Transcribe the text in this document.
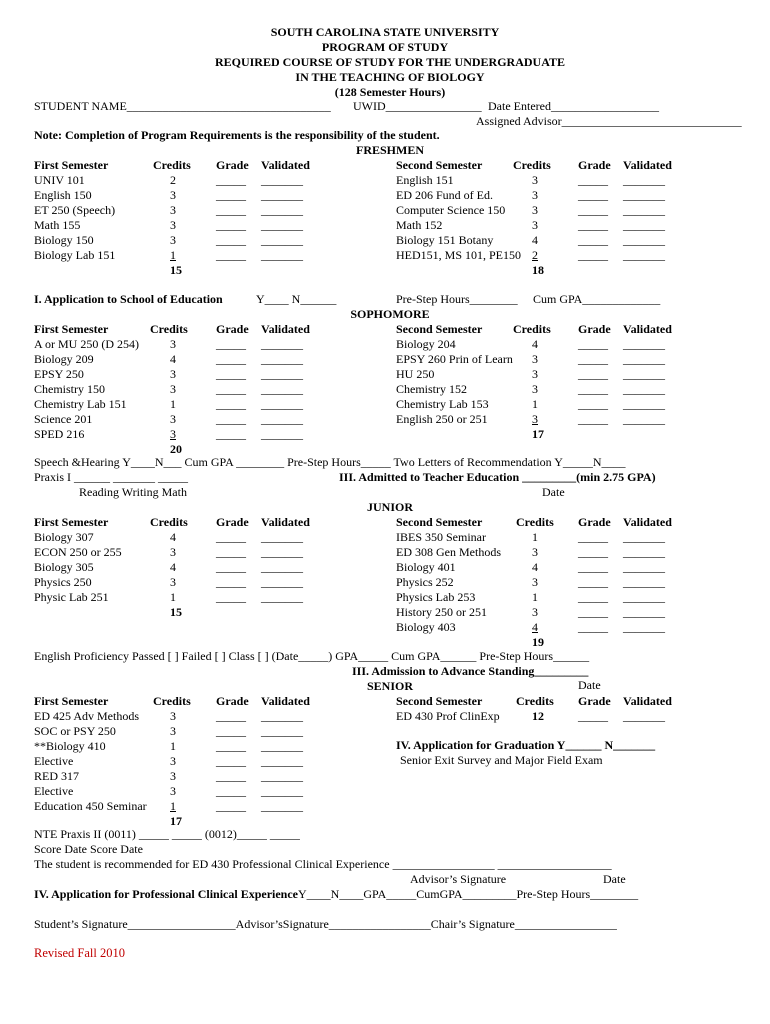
SOUTH CAROLINA STATE UNIVERSITY
PROGRAM OF STUDY
REQUIRED COURSE OF STUDY FOR THE UNDERGRADUATE
IN THE TEACHING OF BIOLOGY
(128 Semester Hours)
STUDENT NAME__________________________________ UWID________________ Date Entered__________________
Assigned Advisor______________________________
Note: Completion of Program Requirements is the responsibility of the student.
FRESHMEN
First Semester	Credits Grade Validated	Second Semester	Credits Grade Validated
UNIV 101	2	_____ _______
English 150	3	_____ _______
ET 250 (Speech)	3	_____ _______
Math 155	3	_____ _______
Biology 150	3	_____ _______
Biology Lab 151	1	_____ _______
15
English 151	3	_____ _______
ED 206 Fund of Ed.	3	_____ _______
Computer Science 150 3	_____ _______
Math 152	3	_____ _______
Biology 151 Botany	4	_____ _______
HED151, MS 101, PE150 2	_____ _______
18
I. Application to School of Education	Y____ N______	Pre-Step Hours________ Cum GPA_____________
SOPHOMORE
First Semester	Credits Grade Validated	Second Semester	Credits Grade Validated
A or MU 250 (D 254)	3	_____ _______
Biology 209	4	_____ _______
EPSY 250	3	_____ _______
Chemistry 150	3	_____ _______
Chemistry Lab 151	1	_____ _______
Science 201	3	_____ _______
SPED 216	3	_____ _______
20
Biology 204	4	_____ _______
EPSY 260 Prin of Learn 3	_____ _______
HU 250	3	_____ _______
Chemistry 152	3	_____ _______
Chemistry Lab 153	1	_____ _______
English 250 or 251	3	_____ _______
17
Speech &Hearing Y____N___ Cum GPA ________ Pre-Step Hours_____ Two Letters of Recommendation Y_____N____
Praxis I ______ _______ _____	III. Admitted to Teacher Education _________(min 2.75 GPA)
Reading Writing Math	Date
JUNIOR
First Semester	Credits Grade Validated	Second Semester	Credits Grade Validated
Biology 307	4	_____ _______
ECON 250 or 255	3	_____ _______
Biology 305	4	_____ _______
Physics 250	3	_____ _______
Physic Lab 251	1	_____ _______
15
IBES 350 Seminar	1	_____ _______
ED 308 Gen Methods	3	_____ _______
Biology 401	4	_____ _______
Physics 252	3	_____ _______
Physics Lab 253	1	_____ _______
History 250 or 251	3	_____ _______
Biology 403	4	_____ _______
19
English Proficiency Passed [ ] Failed [ ] Class [ ] (Date_____) GPA_____ Cum GPA______ Pre-Step Hours______
III. Admission to Advance Standing_________
Date
SENIOR
First Semester	Credits Grade Validated	Second Semester	Credits Grade Validated
ED 425 Adv Methods	3	_____ _______
SOC or PSY 250	3	_____ _______
**Biology 410	1	_____ _______
Elective	3	_____ _______
RED 317	3	_____ _______
Elective	3	_____ _______
Education 450 Seminar 1	_____ _______
17
ED 430 Prof ClinExp	12	_____ _______
IV. Application for Graduation Y______ N_______
Senior Exit Survey and Major Field Exam
NTE Praxis II (0011) _____ _____ (0012)_____ _____
Score Date Score Date
The student is recommended for ED 430 Professional Clinical Experience _________________ ___________________
Advisor’s Signature	Date
IV. Application for Professional Clinical ExperienceY____N____GPA_____CumGPA_________Pre-Step Hours________
Student’s Signature__________________Advisor’sSignature_________________Chair’s Signature_________________
Revised Fall 2010
